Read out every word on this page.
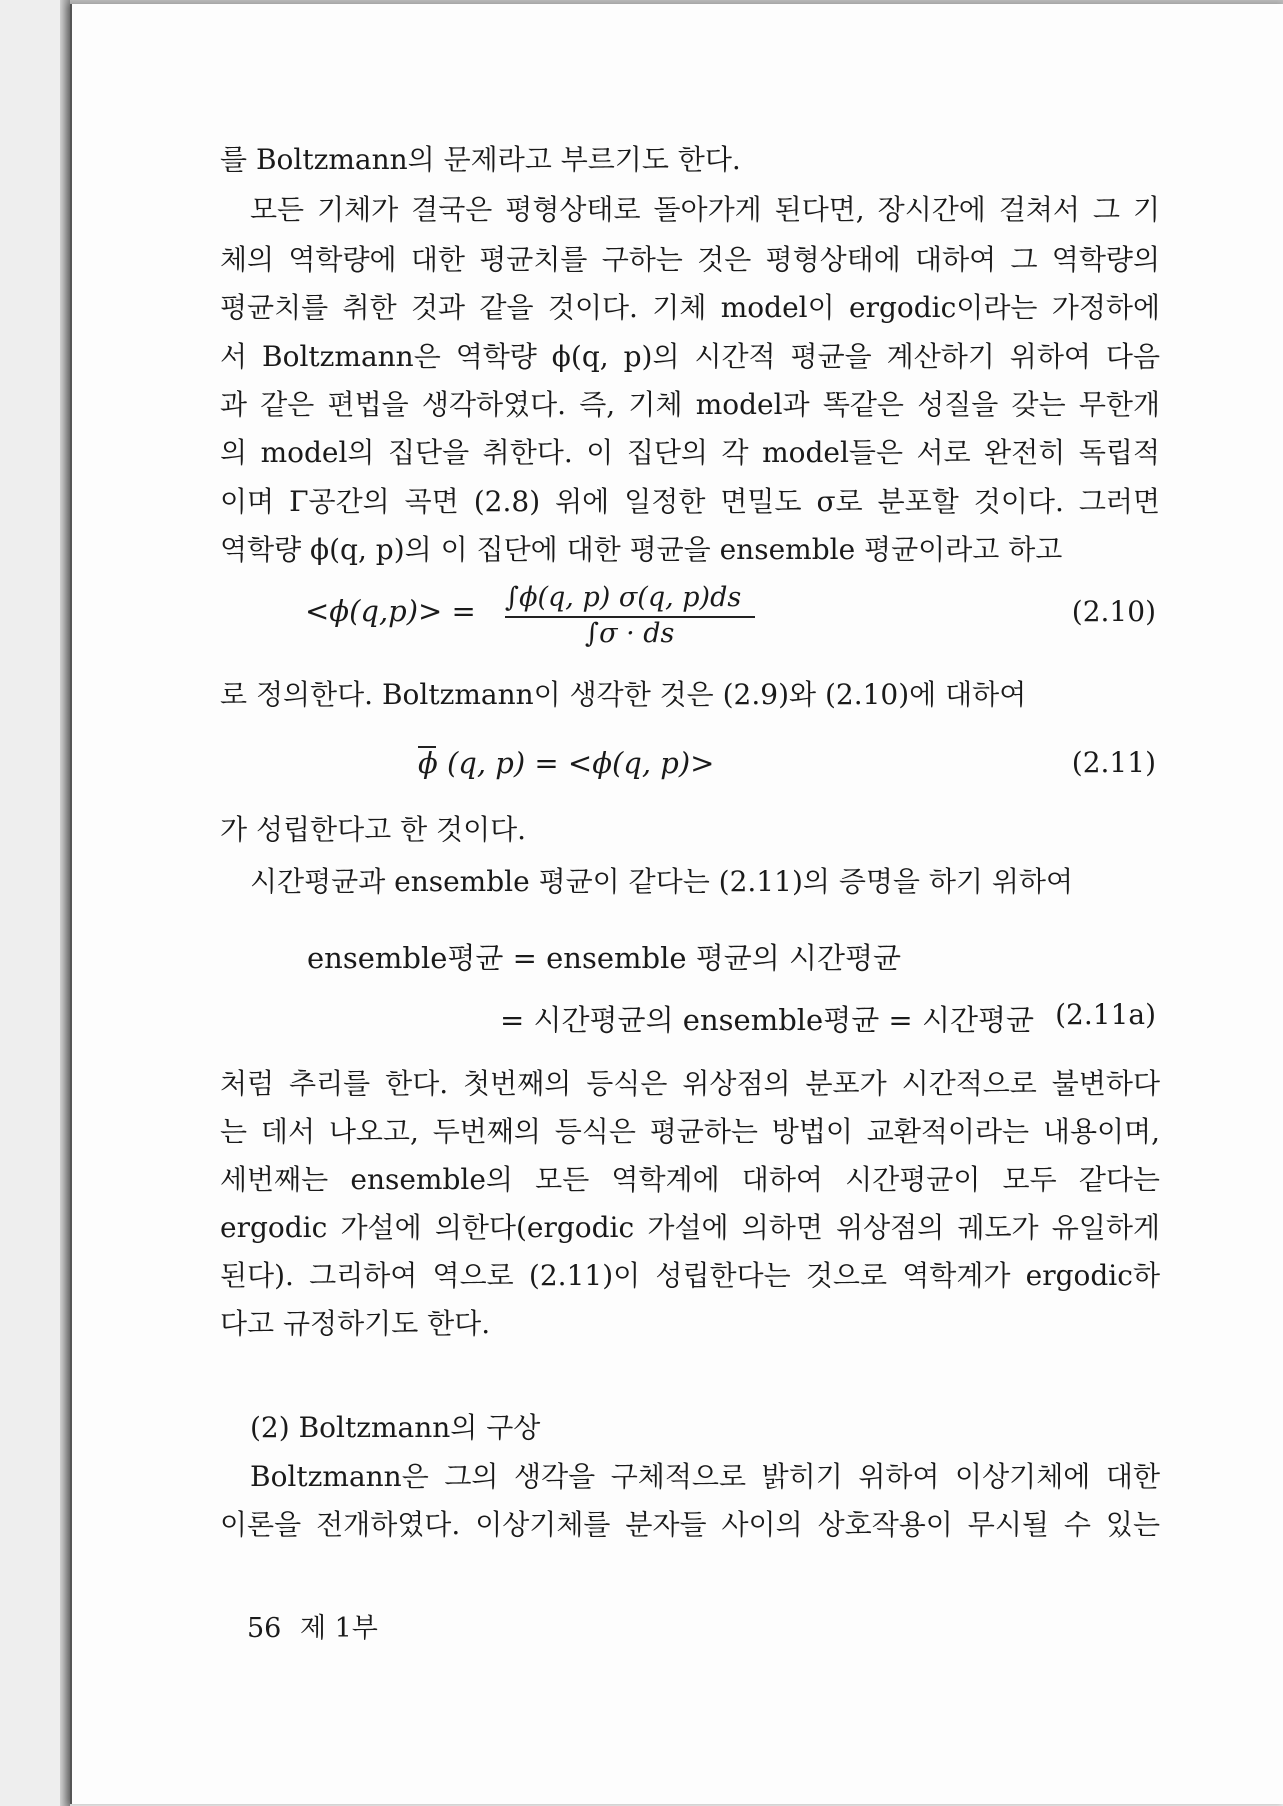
를 Boltzmann의 문제라고 부르기도 한다.
모든 기체가 결국은 평형상태로 돌아가게 된다면, 장시간에 걸쳐서 그 기
체의 역학량에 대한 평균치를 구하는 것은 평형상태에 대하여 그 역학량의
평균치를 취한 것과 같을 것이다. 기체 model이 ergodic이라는 가정하에
서 Boltzmann은 역학량 ϕ(q, p)의 시간적 평균을 계산하기 위하여 다음
과 같은 편법을 생각하였다. 즉, 기체 model과 똑같은 성질을 갖는 무한개
의 model의 집단을 취한다. 이 집단의 각 model들은 서로 완전히 독립적
이며 Γ공간의 곡면 (2.8) 위에 일정한 면밀도 σ로 분포할 것이다. 그러면
역학량 ϕ(q, p)의 이 집단에 대한 평균을 ensemble 평균이라고 하고
<ϕ(q,p)> = ∫ϕ(q, p) σ(q, p)ds
∫σ · ds
(2.10)
로 정의한다. Boltzmann이 생각한 것은 (2.9)와 (2.10)에 대하여
ϕ (q, p) = <ϕ(q, p)>	(2.11)
가 성립한다고 한 것이다.
시간평균과 ensemble 평균이 같다는 (2.11)의 증명을 하기 위하여
ensemble평균 = ensemble 평균의 시간평균
= 시간평균의 ensemble평균 = 시간평균 (2.11a)
처럼 추리를 한다. 첫번째의 등식은 위상점의 분포가 시간적으로 불변하다
는 데서 나오고, 두번째의 등식은 평균하는 방법이 교환적이라는 내용이며,
세번째는 ensemble의 모든 역학계에 대하여 시간평균이 모두 같다는
ergodic 가설에 의한다(ergodic 가설에 의하면 위상점의 궤도가 유일하게
된다). 그리하여 역으로 (2.11)이 성립한다는 것으로 역학계가 ergodic하
다고 규정하기도 한다.
(2) Boltzmann의 구상
Boltzmann은 그의 생각을 구체적으로 밝히기 위하여 이상기체에 대한
이론을 전개하였다. 이상기체를 분자들 사이의 상호작용이 무시될 수 있는
56 제 1부
